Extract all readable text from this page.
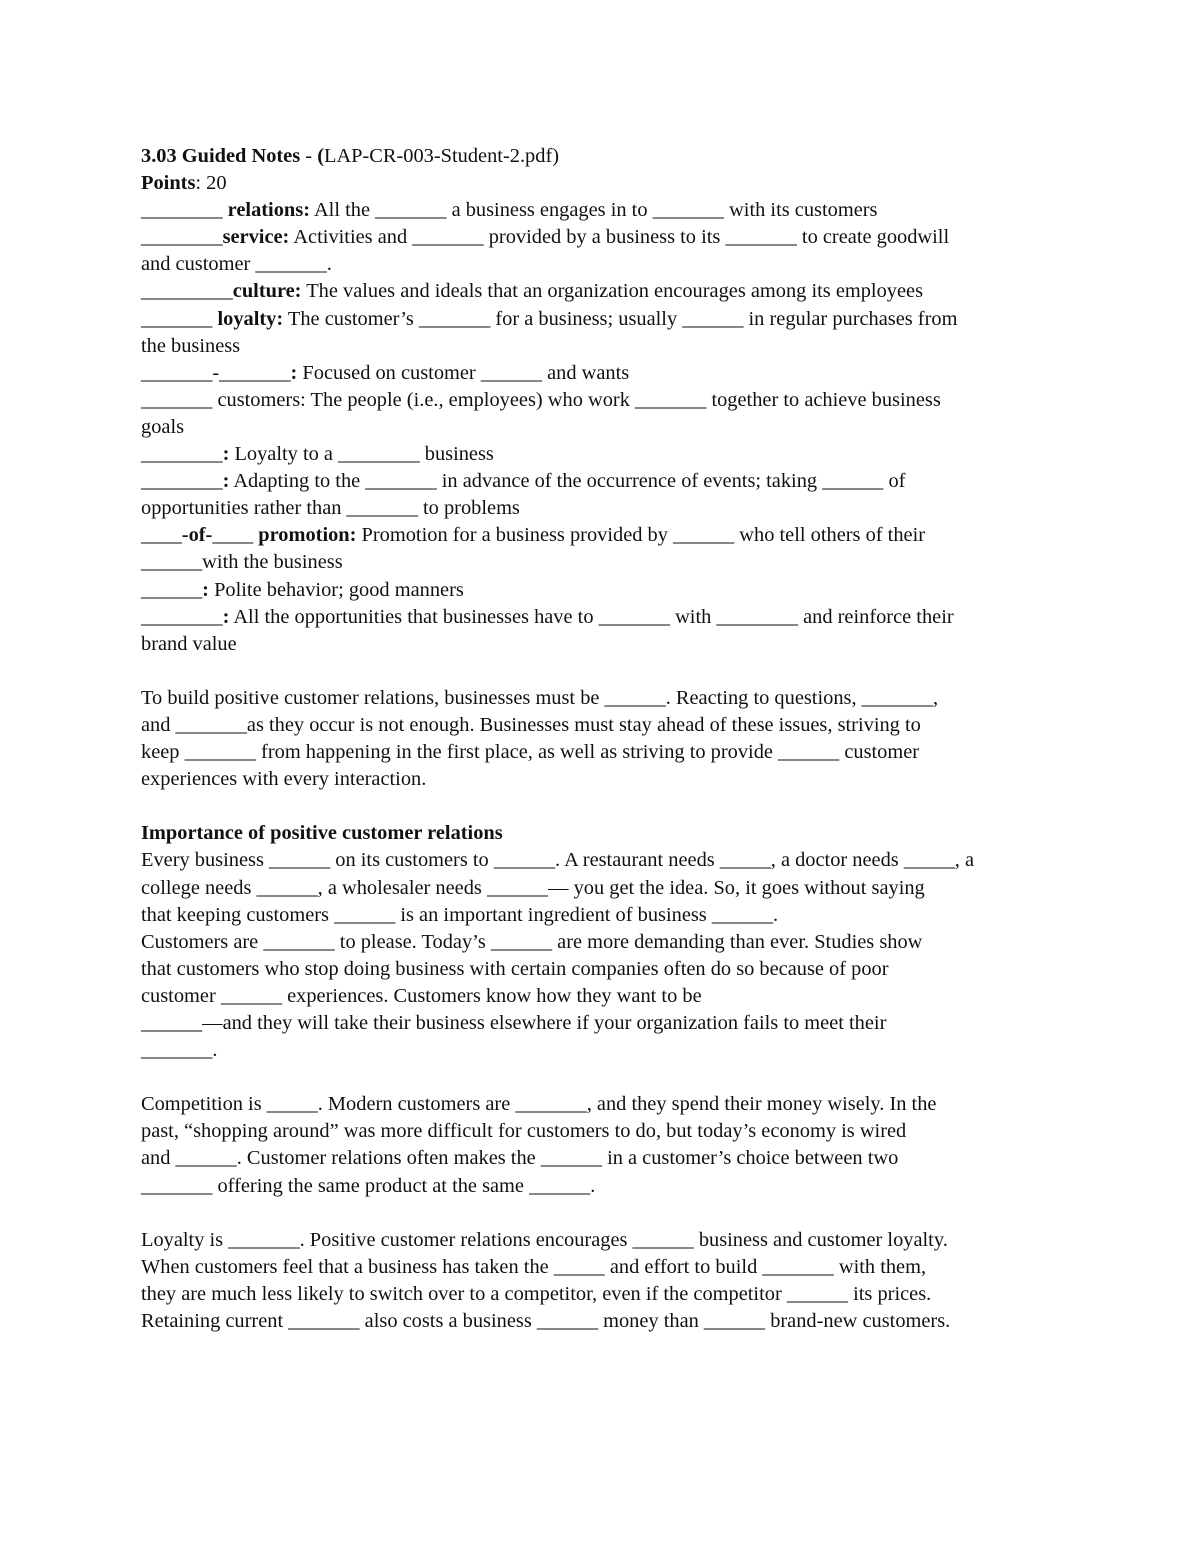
3.03 Guided Notes - (LAP-CR-003-Student-2.pdf)
Points: 20
________ relations: All the _______ a business engages in to _______ with its customers
________service: Activities and _______ provided by a business to its _______ to create goodwill
and customer _______.
_________culture: The values and ideals that an organization encourages among its employees
_______ loyalty: The customer’s _______ for a business; usually ______ in regular purchases from
the business
_______-_______: Focused on customer ______ and wants
_______ customers: The people (i.e., employees) who work _______ together to achieve business
goals
________: Loyalty to a ________ business
________: Adapting to the _______ in advance of the occurrence of events; taking ______ of
opportunities rather than _______ to problems
____-of-____ promotion: Promotion for a business provided by ______ who tell others of their
______with the business
______: Polite behavior; good manners
________: All the opportunities that businesses have to _______ with ________ and reinforce their
brand value
To build positive customer relations, businesses must be ______. Reacting to questions, _______,
and _______as they occur is not enough. Businesses must stay ahead of these issues, striving to
keep _______ from happening in the first place, as well as striving to provide ______ customer
experiences with every interaction.
Importance of positive customer relations
Every business ______ on its customers to ______. A restaurant needs _____, a doctor needs _____, a
college needs ______, a wholesaler needs ______— you get the idea. So, it goes without saying
that keeping customers ______ is an important ingredient of business ______.
Customers are _______ to please. Today’s ______ are more demanding than ever. Studies show
that customers who stop doing business with certain companies often do so because of poor
customer ______ experiences. Customers know how they want to be
______—and they will take their business elsewhere if your organization fails to meet their
_______.
Competition is _____. Modern customers are _______, and they spend their money wisely. In the
past, “shopping around” was more difficult for customers to do, but today’s economy is wired
and ______. Customer relations often makes the ______ in a customer’s choice between two
_______ offering the same product at the same ______.
Loyalty is _______. Positive customer relations encourages ______ business and customer loyalty.
When customers feel that a business has taken the _____ and effort to build _______ with them,
they are much less likely to switch over to a competitor, even if the competitor ______ its prices.
Retaining current _______ also costs a business ______ money than ______ brand-new customers.
